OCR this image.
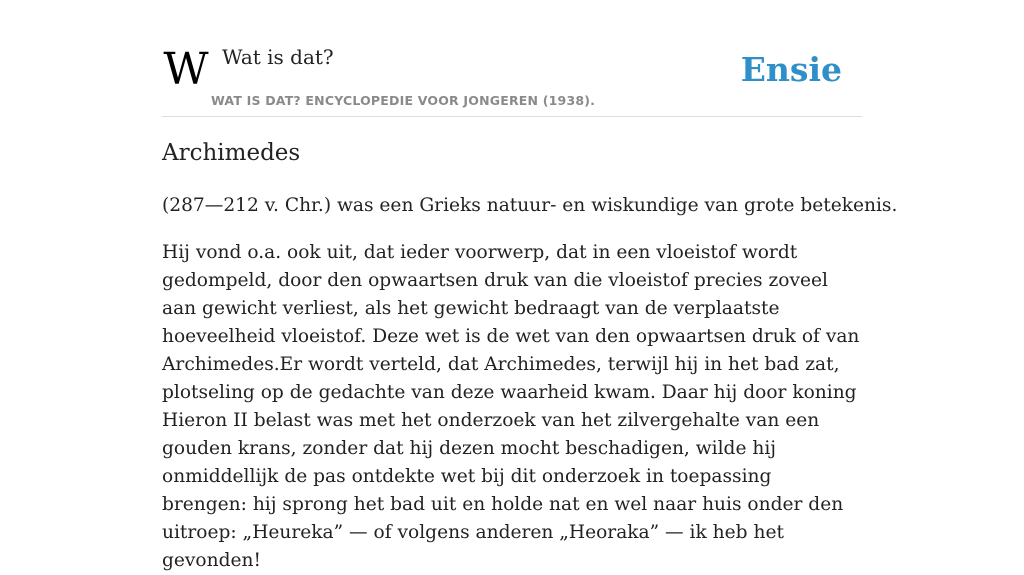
W Wat is dat?
WAT IS DAT? ENCYCLOPEDIE VOOR JONGEREN (1938).
Ensie
Archimedes

(287—212 v. Chr.) was een Grieks natuur- en wiskundige van grote betekenis.

Hij vond o.a. ook uit, dat ieder voorwerp, dat in een vloeistof wordt gedompeld, door den opwaartsen druk van die vloeistof precies zoveel aan gewicht verliest, als het gewicht bedraagt van de verplaatste hoeveelheid vloeistof. Deze wet is de wet van den opwaartsen druk of van Archimedes.Er wordt verteld, dat Archimedes, terwijl hij in het bad zat, plotseling op de gedachte van deze waarheid kwam. Daar hij door koning Hieron II belast was met het onderzoek van het zilvergehalte van een gouden krans, zonder dat hij dezen mocht beschadigen, wilde hij onmiddellijk de pas ontdekte wet bij dit onderzoek in toepassing brengen: hij sprong het bad uit en holde nat en wel naar huis onder den uitroep: „Heureka” — of volgens anderen „Heoraka” — ik heb het gevonden!
